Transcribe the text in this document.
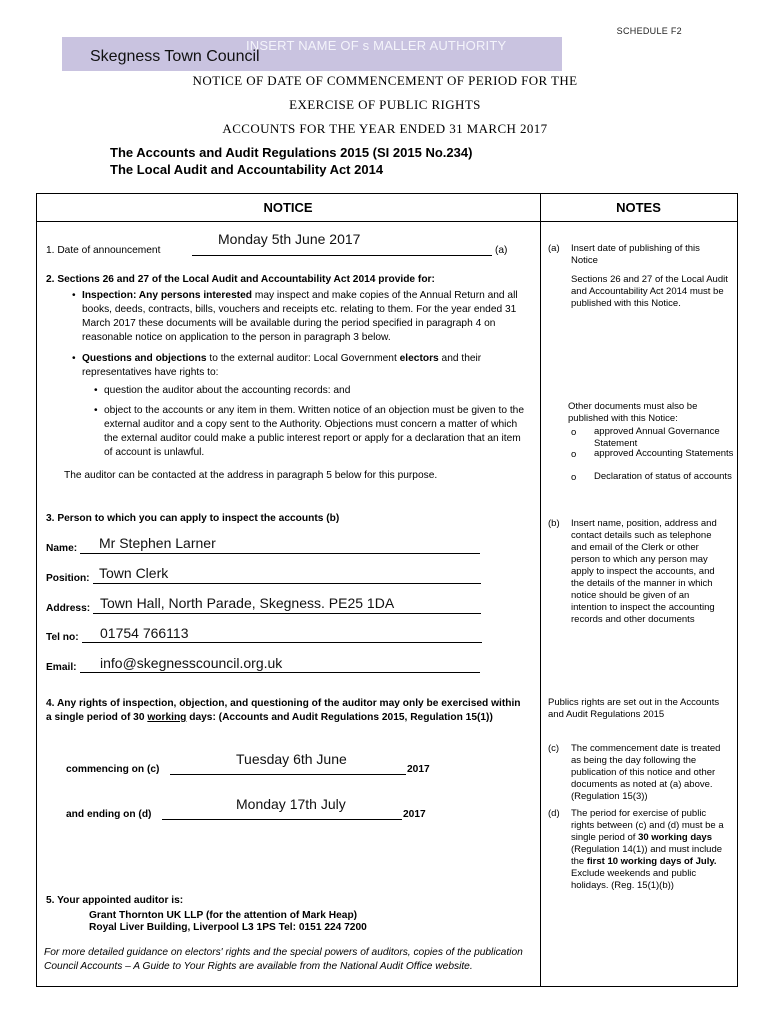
SCHEDULE F2
INSERT NAME OF s MALLER AUTHORITY
Skegness Town Council
NOTICE OF DATE OF COMMENCEMENT OF PERIOD FOR THE
EXERCISE OF PUBLIC RIGHTS
ACCOUNTS FOR THE YEAR ENDED 31 MARCH 2017
The Accounts and Audit Regulations 2015 (SI 2015 No.234)
The Local Audit and Accountability Act 2014
NOTICE	NOTES
Monday 5th June 2017
1. Date of announcement	(a)
2. Sections 26 and 27 of the Local Audit and Accountability Act 2014 provide for:
• Inspection: Any persons interested may inspect and make copies of the Annual Return and all books, deeds, contracts, bills, vouchers and receipts etc. relating to them. For the year ended 31 March 2017 these documents will be available during the period specified in paragraph 4 on reasonable notice on application to the person in paragraph 3 below.
• Questions and objections to the external auditor: Local Government electors and their representatives have rights to:
• question the auditor about the accounting records: and
• object to the accounts or any item in them. Written notice of an objection must be given to the external auditor and a copy sent to the Authority. Objections must concern a matter of which the external auditor could make a public interest report or apply for a declaration that an item of account is unlawful.
The auditor can be contacted at the address in paragraph 5 below for this purpose.
3. Person to which you can apply to inspect the accounts (b)
Name: Mr Stephen Larner
Position: Town Clerk
Address: Town Hall, North Parade, Skegness. PE25 1DA
Tel no: 01754 766113
Email: info@skegnesscouncil.org.uk
4. Any rights of inspection, objection, and questioning of the auditor may only be exercised within a single period of 30 working days: (Accounts and Audit Regulations 2015, Regulation 15(1))
Tuesday 6th June
commencing on (c)	2017
Monday 17th July
and ending on (d)	2017
5. Your appointed auditor is:
Grant Thornton UK LLP (for the attention of Mark Heap)
Royal Liver Building, Liverpool L3 1PS Tel: 0151 224 7200
For more detailed guidance on electors' rights and the special powers of auditors, copies of the publication Council Accounts – A Guide to Your Rights are available from the National Audit Office website.
(a) Insert date of publishing of this Notice
Sections 26 and 27 of the Local Audit and Accountability Act 2014 must be published with this Notice.
Other documents must also be published with this Notice:
o approved Annual Governance Statement
o approved Accounting Statements
o Declaration of status of accounts
(b) Insert name, position, address and contact details such as telephone and email of the Clerk or other person to which any person may apply to inspect the accounts, and the details of the manner in which notice should be given of an intention to inspect the accounting records and other documents
Publics rights are set out in the Accounts and Audit Regulations 2015
(c) The commencement date is treated as being the day following the publication of this notice and other documents as noted at (a) above. (Regulation 15(3))
(d) The period for exercise of public rights between (c) and (d) must be a single period of 30 working days (Regulation 14(1)) and must include the first 10 working days of July. Exclude weekends and public holidays. (Reg. 15(1)(b))
